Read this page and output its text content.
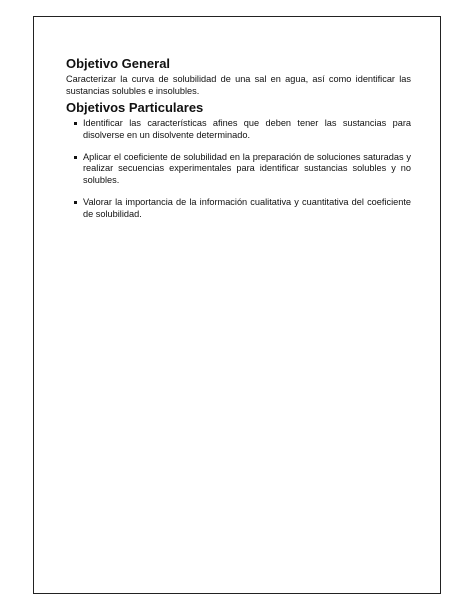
Objetivo General

Caracterizar la curva de solubilidad de una sal en agua, así como identificar las sustancias solubles e insolubles.

Objetivos Particulares
Identificar las características afines que deben tener las sustancias para disolverse en un disolvente determinado.
Aplicar el coeficiente de solubilidad en la preparación de soluciones saturadas y realizar secuencias experimentales para identificar sustancias solubles y no solubles.
Valorar la importancia de la información cualitativa y cuantitativa del coeficiente de solubilidad.
